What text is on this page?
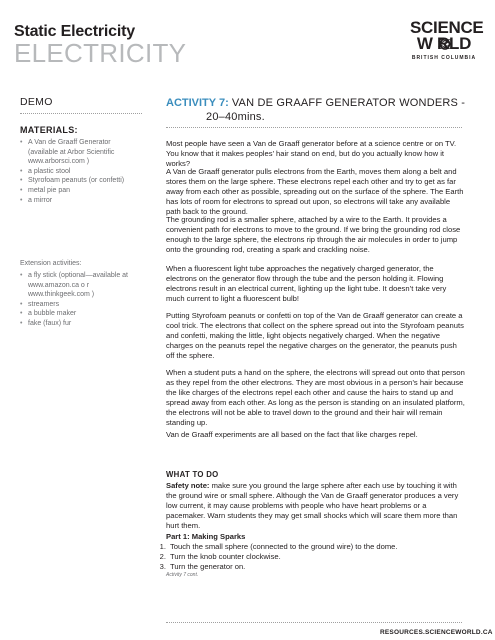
Static Electricity
ELECTRICITY
SCIENCE
W RLD
BRITISH COLUMBIA
DEMO
MATERIALS:
• A Van de Graaff Generator
(available at Arbor Scientific
www.arborsci.com )
• a plastic stool
• Styrofoam peanuts (or confetti)
• metal pie pan
• a mirror
Extension activities:
• a fly stick (optional—available at
www.amazon.ca o r
www.thinkgeek.com )
• streamers
• a bubble maker
• fake (faux) fur
ACTIVITY 7: VAN DE GRAAFF GENERATOR WONDERS -
20–40mins.

Most people have seen a Van de Graaff generator before at a science centre or on TV. You know that it makes peoples’ hair stand on end, but do you actually know how it works?

A Van de Graaff generator pulls electrons from the Earth, moves them along a belt and stores them on the large sphere. These electrons repel each other and try to get as far away from each other as possible, spreading out on the surface of the sphere. The Earth has lots of room for electrons to spread out upon, so electrons will take any available path back to the ground.

The grounding rod is a smaller sphere, attached by a wire to the Earth. It provides a convenient path for electrons to move to the ground. If we bring the grounding rod close enough to the large sphere, the electrons rip through the air molecules in order to jump onto the grounding rod, creating a spark and crackling noise.

When a fluorescent light tube approaches the negatively charged generator, the electrons on the generator flow through the tube and the person holding it. Flowing electrons result in an electrical current, lighting up the light tube. It doesn’t take very much current to light a fluorescent bulb!

Putting Styrofoam peanuts or confetti on top of the Van de Graaff generator can create a cool trick. The electrons that collect on the sphere spread out into the Styrofoam peanuts and confetti, making the little, light objects negatively charged. When the negative charges on the peanuts repel the negative charges on the generator, the peanuts push off the sphere.

When a student puts a hand on the sphere, the electrons will spread out onto that person as they repel from the other electrons. They are most obvious in a person’s hair because the like charges of the electrons repel each other and cause the hairs to stand up and spread away from each other. As long as the person is standing on an insulated platform, the electrons will not be able to travel down to the ground and their hair will remain standing up.

Van de Graaff experiments are all based on the fact that like charges repel.

WHAT TO DO

Safety note: make sure you ground the large sphere after each use by touching it with the ground wire or small sphere. Although the Van de Graaff generator produces a very low current, it may cause problems with people who have heart problems or a pacemaker. Warn students they may get small shocks which will scare them more than hurt them.

Part 1: Making Sparks
1. Touch the small sphere (connected to the ground wire) to the dome.
2. Turn the knob counter clockwise.
3. Turn the generator on.
Activity 7 cont.
RESOURCES.SCIENCEWORLD.CA
